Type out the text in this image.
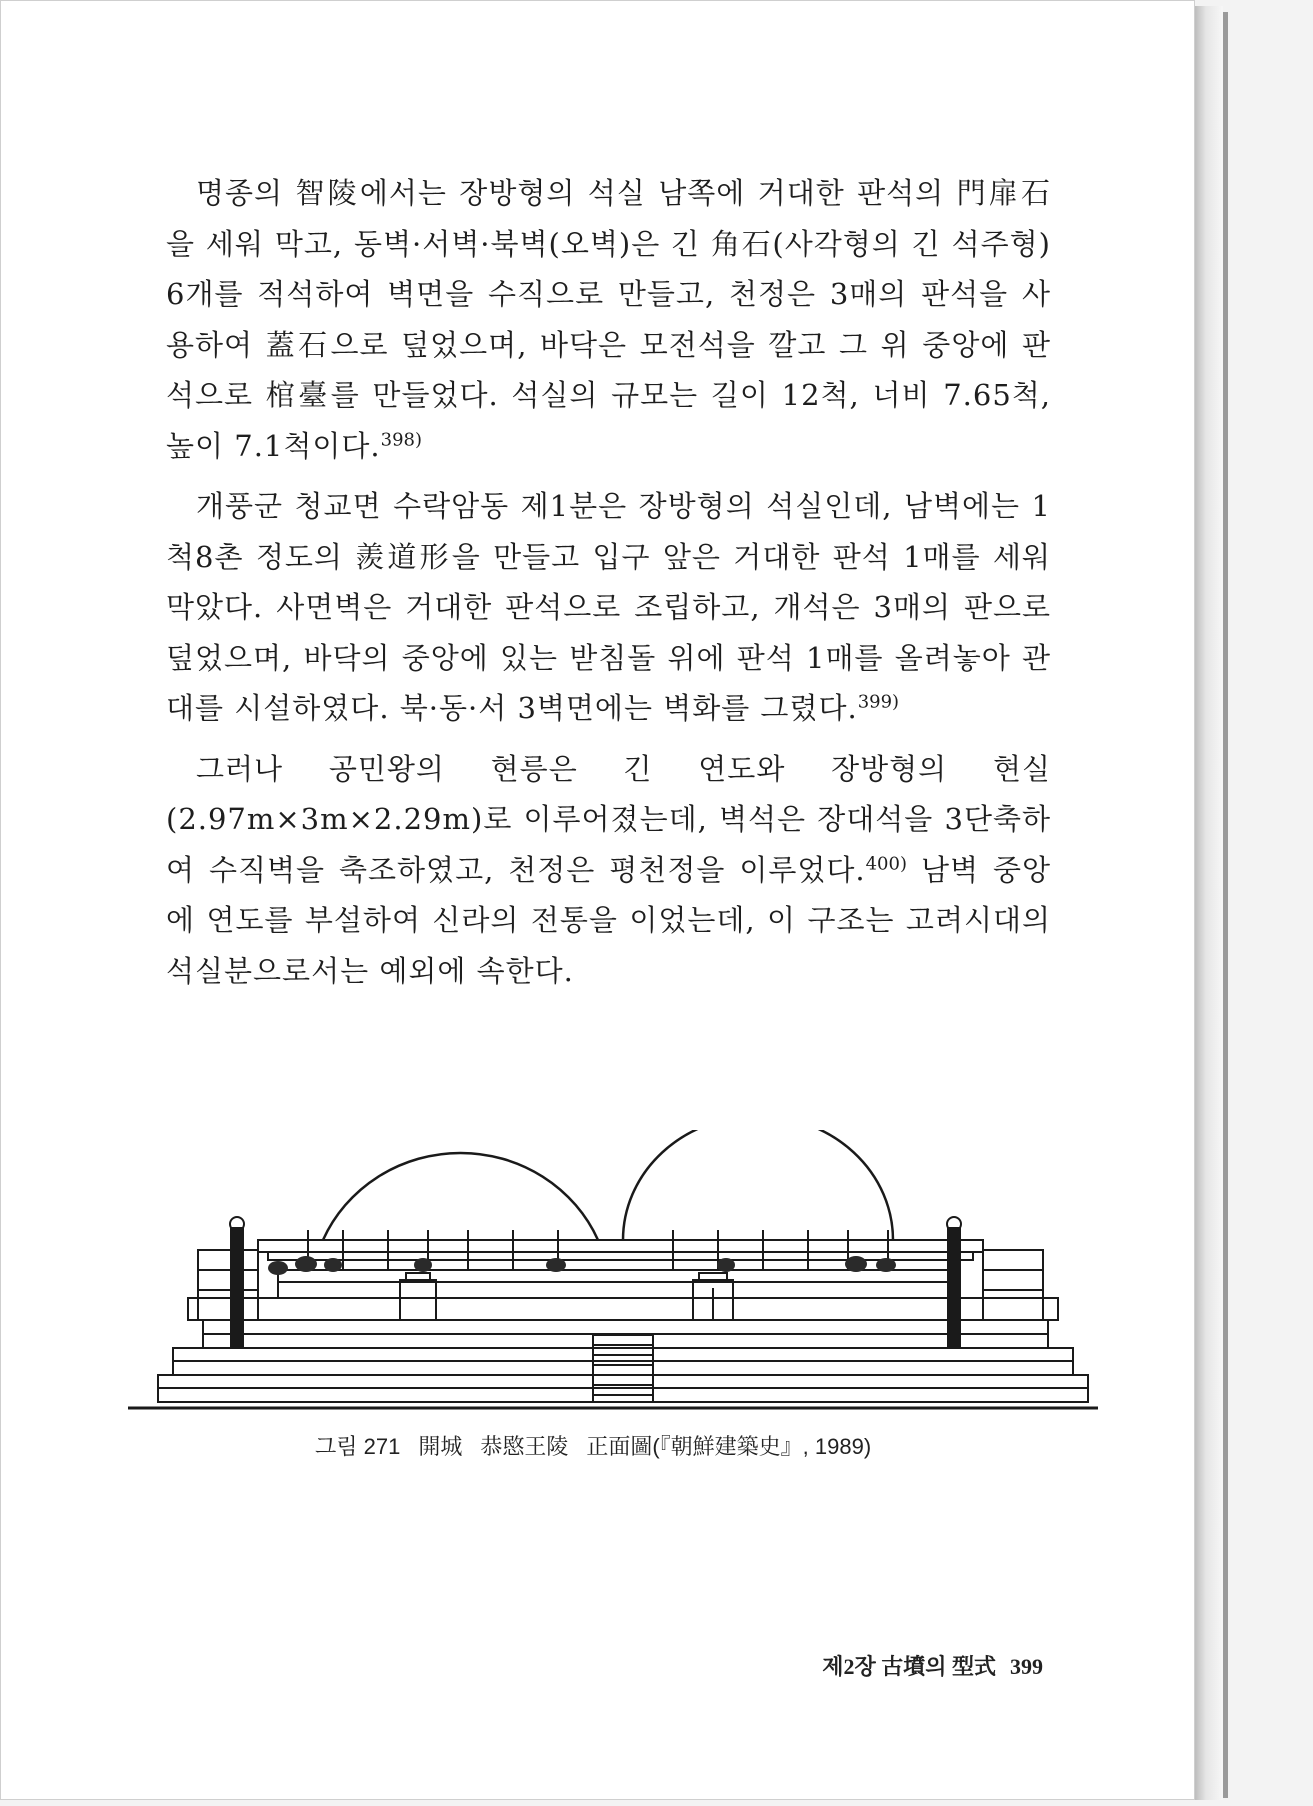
명종의 智陵에서는 장방형의 석실 남쪽에 거대한 판석의 門扉石을 세워 막고, 동벽·서벽·북벽(오벽)은 긴 角石(사각형의 긴 석주형) 6개를 적석하여 벽면을 수직으로 만들고, 천정은 3매의 판석을 사용하여 蓋石으로 덮었으며, 바닥은 모전석을 깔고 그 위 중앙에 판석으로 棺臺를 만들었다. 석실의 규모는 길이 12척, 너비 7.65척, 높이 7.1척이다.$^{398)}$

개풍군 청교면 수락암동 제1분은 장방형의 석실인데, 남벽에는 1척8촌 정도의 羨道形을 만들고 입구 앞은 거대한 판석 1매를 세워 막았다. 사면벽은 거대한 판석으로 조립하고, 개석은 3매의 판으로 덮었으며, 바닥의 중앙에 있는 받침돌 위에 판석 1매를 올려놓아 관대를 시설하였다. 북·동·서 3벽면에는 벽화를 그렸다.$^{399)}$

그러나 공민왕의 현릉은 긴 연도와 장방형의 현실(2.97m×3m×2.29m)로 이루어졌는데, 벽석은 장대석을 3단축하여 수직벽을 축조하였고, 천정은 평천정을 이루었다.$^{400)}$ 남벽 중앙에 연도를 부설하여 신라의 전통을 이었는데, 이 구조는 고려시대의 석실분으로서는 예외에 속한다.

그림 271 開城 恭愍王陵 正面圖(『朝鮮建築史』, 1989)
제2장 古墳의 型式 399
